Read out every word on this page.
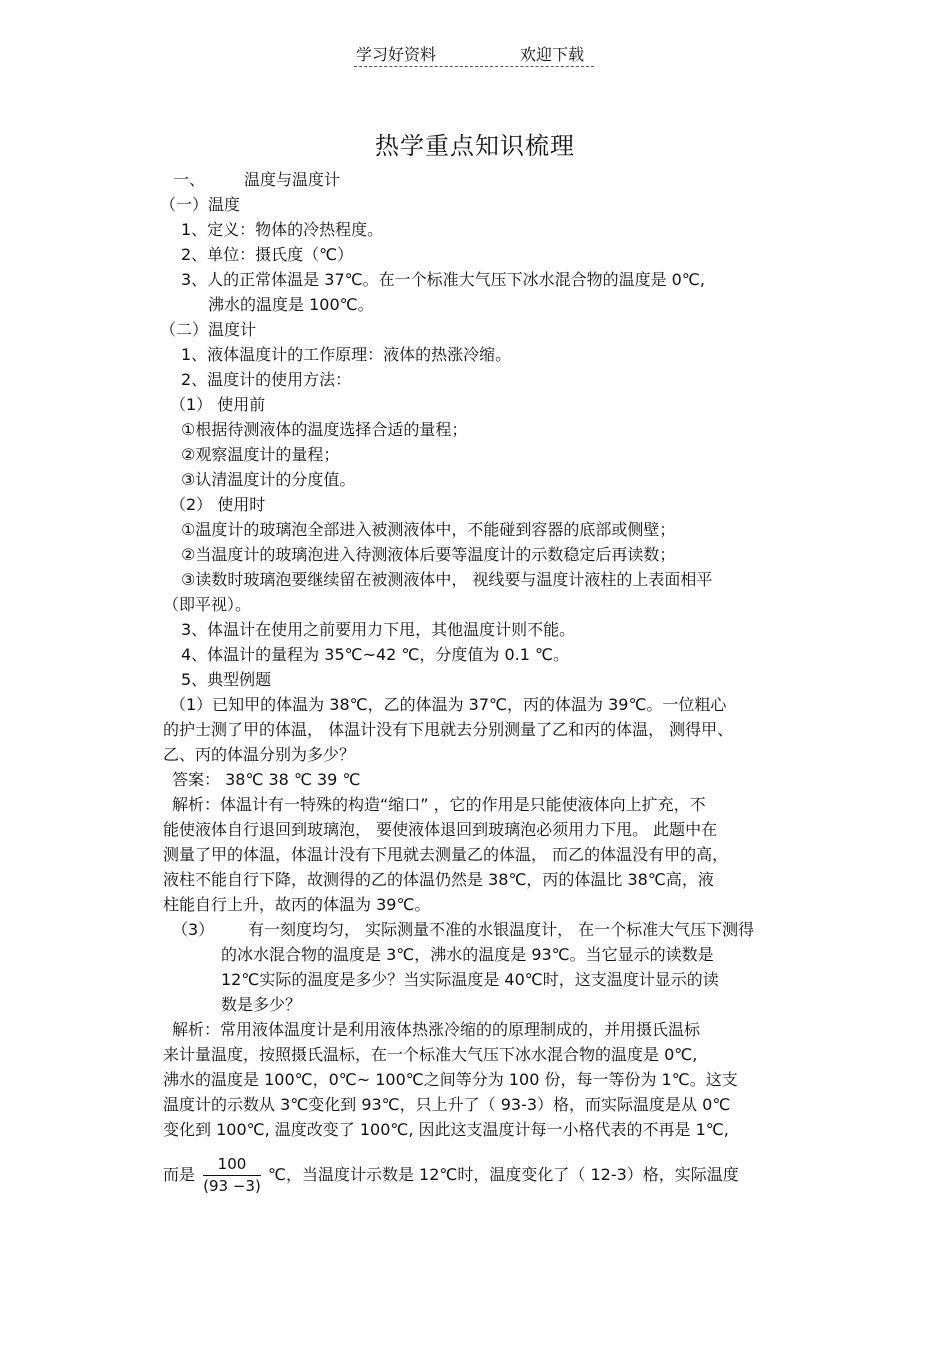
学习好资料	欢迎下载
热学重点知识梳理
一、 温度与温度计
（一）温度
1、定义：物体的冷热程度。
2、单位：摄氏度（℃）
3、人的正常体温是 37℃。在一个标准大气压下冰水混合物的温度是 0℃,
沸水的温度是 100℃。
（二）温度计
1、液体温度计的工作原理：液体的热涨冷缩。
2、温度计的使用方法：
（1） 使用前
①根据待测液体的温度选择合适的量程；
②观察温度计的量程；
③认清温度计的分度值。
（2） 使用时
①温度计的玻璃泡全部进入被测液体中，不能碰到容器的底部或侧壁；
②当温度计的玻璃泡进入待测液体后要等温度计的示数稳定后再读数；
③读数时玻璃泡要继续留在被测液体中， 视线要与温度计液柱的上表面相平
（即平视）。
3、体温计在使用之前要用力下甩，其他温度计则不能。
4、体温计的量程为 35℃~42 ℃，分度值为 0.1 ℃。
5、典型例题
（1）已知甲的体温为 38℃，乙的体温为 37℃，丙的体温为 39℃。一位粗心
的护士测了甲的体温， 体温计没有下甩就去分别测量了乙和丙的体温， 测得甲、
乙、丙的体温分别为多少？
答案： 38℃ 38 ℃ 39 ℃
解析：体温计有一特殊的构造“缩口” ，它的作用是只能使液体向上扩充，不
能使液体自行退回到玻璃泡， 要使液体退回到玻璃泡必须用力下甩。 此题中在
测量了甲的体温，体温计没有下甩就去测量乙的体温， 而乙的体温没有甲的高，
液柱不能自行下降，故测得的乙的体温仍然是 38℃，丙的体温比 38℃高，液
柱能自行上升，故丙的体温为 39℃。
（3） 有一刻度均匀， 实际测量不准的水银温度计， 在一个标准大气压下测得
的冰水混合物的温度是 3℃，沸水的温度是 93℃。当它显示的读数是
12℃实际的温度是多少？当实际温度是 40℃时，这支温度计显示的读
数是多少？
解析：常用液体温度计是利用液体热涨冷缩的的原理制成的，并用摄氏温标
来计量温度，按照摄氏温标，在一个标准大气压下冰水混合物的温度是 0℃,
沸水的温度是 100℃，0℃~ 100℃之间等分为 100 份，每一等份为 1℃。这支
温度计的示数从 3℃变化到 93℃，只上升了（ 93-3）格，而实际温度是从 0℃
变化到 100℃, 温度改变了 100℃, 因此这支温度计每一小格代表的不再是 1℃,
而是
100
(93 −3)
℃，当温度计示数是 12℃时，温度变化了（ 12-3）格，实际温度
